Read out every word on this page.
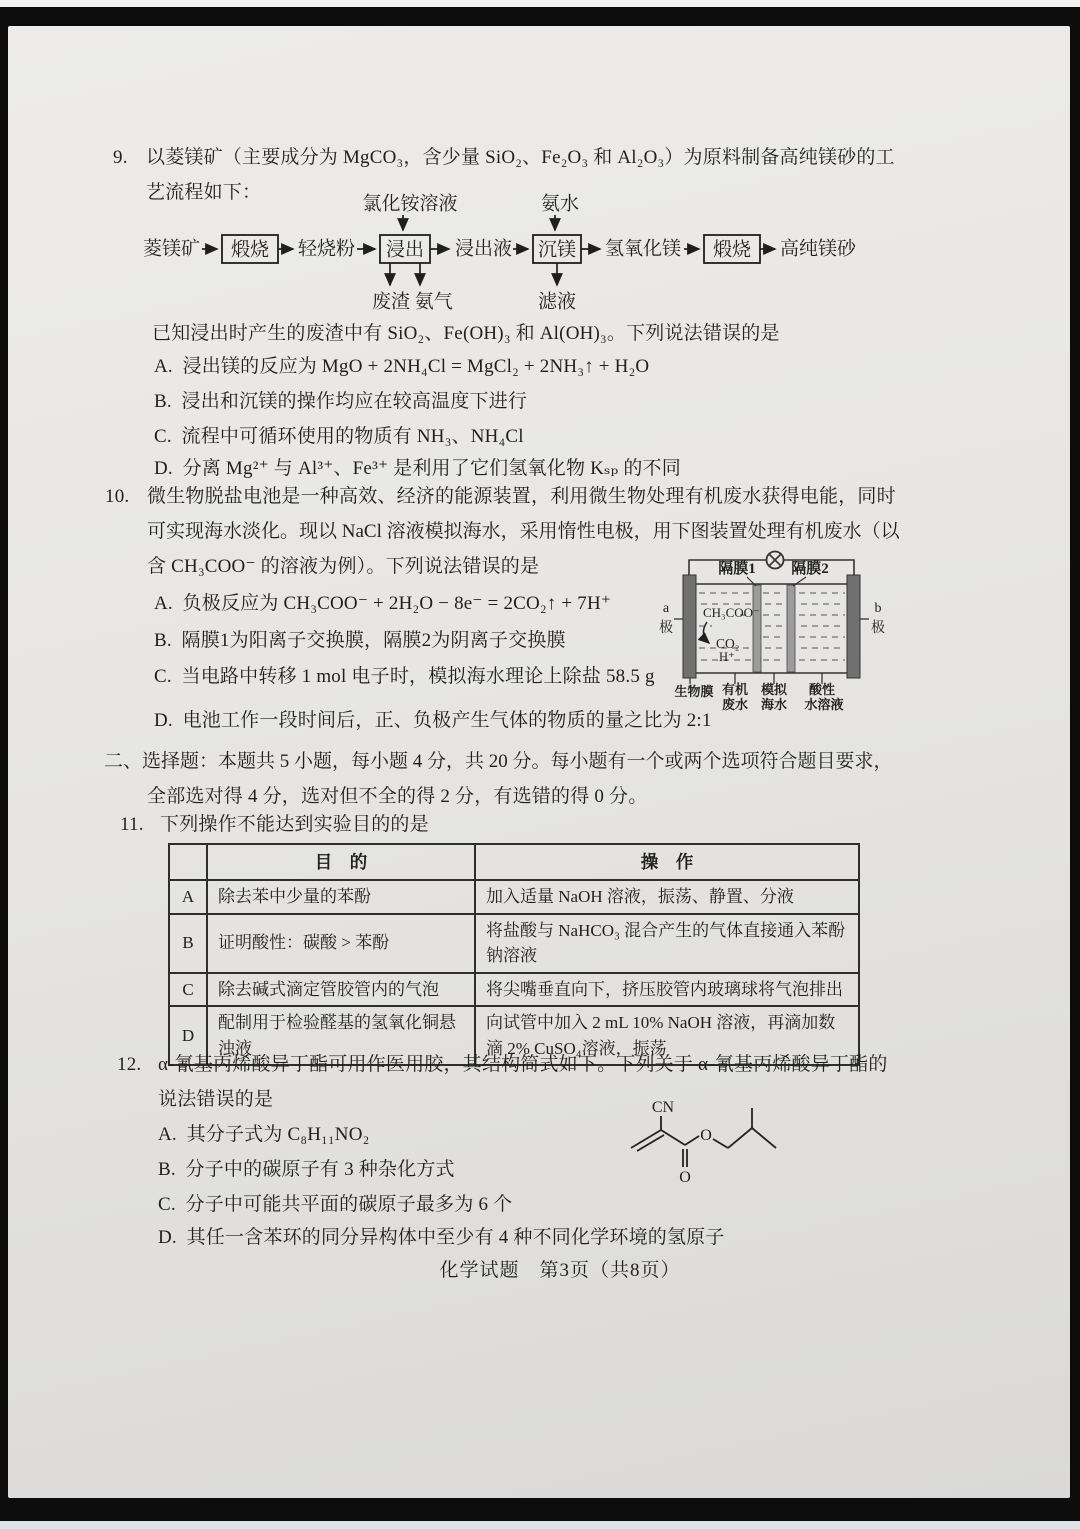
9. 以菱镁矿（主要成分为 MgCO₃，含少量 SiO₂、Fe₂O₃ 和 Al₂O₃）为原料制备高纯镁砂的工
艺流程如下：
氯化铵溶液	氨水
菱镁矿 煅烧 轻烧粉 浸出 浸出液 沉镁 氢氧化镁 煅烧 高纯镁砂
废渣 氨气	滤液
已知浸出时产生的废渣中有 SiO₂、Fe(OH)₃ 和 Al(OH)₃。下列说法错误的是
A. 浸出镁的反应为 MgO + 2NH₄Cl = MgCl₂ + 2NH₃↑ + H₂O
B. 浸出和沉镁的操作均应在较高温度下进行
C. 流程中可循环使用的物质有 NH₃、NH₄Cl
D. 分离 Mg²⁺ 与 Al³⁺、Fe³⁺ 是利用了它们氢氧化物 Kₛₚ 的不同
10. 微生物脱盐电池是一种高效、经济的能源装置，利用微生物处理有机废水获得电能，同时
可实现海水淡化。现以 NaCl 溶液模拟海水，采用惰性电极，用下图装置处理有机废水（以
含 CH₃COO⁻ 的溶液为例）。下列说法错误的是
A. 负极反应为 CH₃COO⁻ + 2H₂O − 8e⁻ = 2CO₂↑ + 7H⁺
B. 隔膜1为阳离子交换膜，隔膜2为阴离子交换膜
C. 当电路中转移 1 mol 电子时，模拟海水理论上除盐 58.5 g
D. 电池工作一段时间后，正、负极产生气体的物质的量之比为 2:1
隔膜1 隔膜2
a
极
b
极
CH₃COO⁻
CO₂
H⁺
生物膜 有机
废水
模拟
海水
酸性
水溶液
二、选择题：本题共 5 小题，每小题 4 分，共 20 分。每小题有一个或两个选项符合题目要求，
全部选对得 4 分，选对但不全的得 2 分，有选错的得 0 分。
11. 下列操作不能达到实验目的的是
	目　的	操　作
A	除去苯中少量的苯酚	加入适量 NaOH 溶液，振荡、静置、分液
B	证明酸性：碳酸 > 苯酚	将盐酸与 NaHCO₃ 混合产生的气体直接通入苯酚钠溶液
C	除去碱式滴定管胶管内的气泡	将尖嘴垂直向下，挤压胶管内玻璃球将气泡排出
D	配制用于检验醛基的氢氧化铜悬浊液	向试管中加入 2 mL 10% NaOH 溶液，再滴加数滴 2% CuSO₄溶液，振荡
12. α-氰基丙烯酸异丁酯可用作医用胶，其结构简式如下。下列关于 α-氰基丙烯酸异丁酯的
说法错误的是
A. 其分子式为 C₈H₁₁NO₂
B. 分子中的碳原子有 3 种杂化方式
C. 分子中可能共平面的碳原子最多为 6 个
D. 其任一含苯环的同分异构体中至少有 4 种不同化学环境的氢原子
CN
O
O
化学试题　第3页（共8页）
